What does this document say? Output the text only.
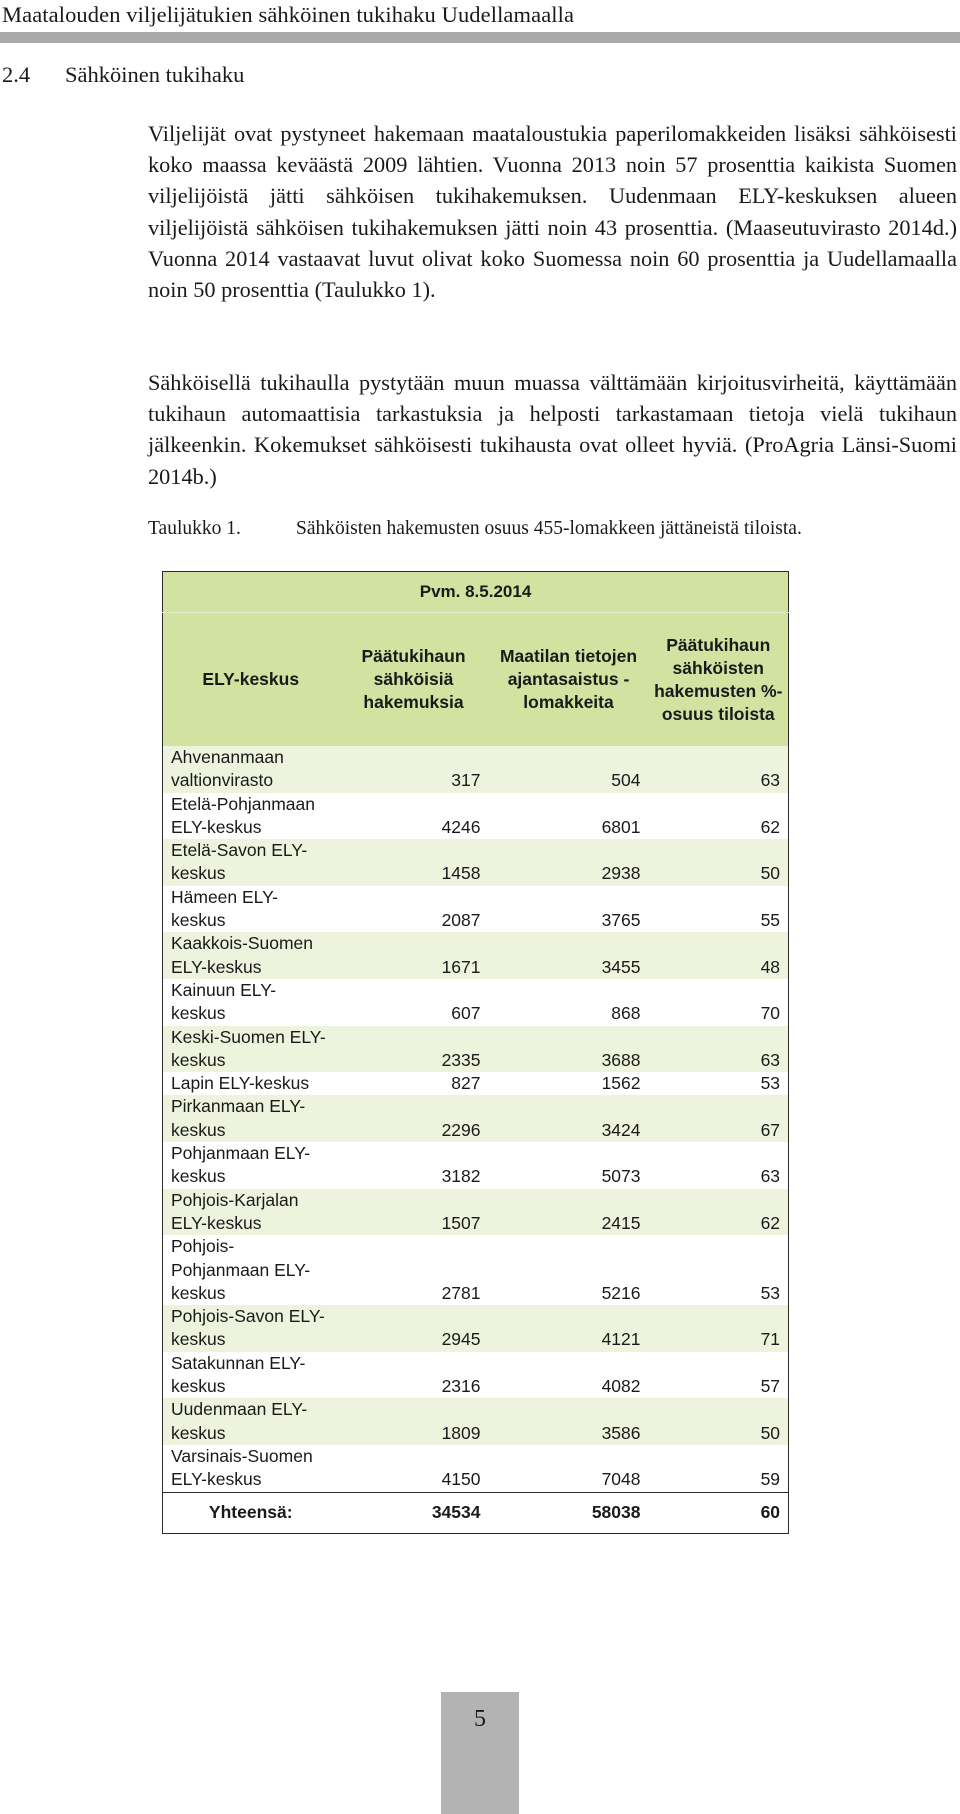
Maatalouden viljelijätukien sähköinen tukihaku Uudellamaalla
2.4 Sähköinen tukihaku

Viljelijät ovat pystyneet hakemaan maataloustukia paperilomakkeiden lisäksi sähköisesti koko maassa keväästä 2009 lähtien. Vuonna 2013 noin 57 prosenttia kaikista Suomen viljelijöistä jätti sähköisen tukihakemuksen. Uudenmaan ELY-keskuksen alueen viljelijöistä sähköisen tukihakemuksen jätti noin 43 prosenttia. (Maaseutuvirasto 2014d.) Vuonna 2014 vastaavat luvut olivat koko Suomessa noin 60 prosenttia ja Uudellamaalla noin 50 prosenttia (Taulukko 1).

Sähköisellä tukihaulla pystytään muun muassa välttämään kirjoitusvirheitä, käyttämään tukihaun automaattisia tarkastuksia ja helposti tarkastamaan tietoja vielä tukihaun jälkeenkin. Kokemukset sähköisesti tukihausta ovat olleet hyviä. (ProAgria Länsi-Suomi 2014b.)

Taulukko 1.	Sähköisten hakemusten osuus 455-lomakkeen jättäneistä tiloista.
Pvm. 8.5.2014			
ELY-keskus	Päätukihaun sähköisiä hakemuksia	Maatilan tietojen ajantasaistus - lomakkeita	Päätukihaun sähköisten hakemusten %-osuus tiloista
Ahvenanmaan valtionvirasto	317	504	63
Etelä-Pohjanmaan ELY-keskus	4246	6801	62
Etelä-Savon ELY-keskus	1458	2938	50
Hämeen ELY-keskus	2087	3765	55
Kaakkois-Suomen ELY-keskus	1671	3455	48
Kainuun ELY-keskus	607	868	70
Keski-Suomen ELY-keskus	2335	3688	63
Lapin ELY-keskus	827	1562	53
Pirkanmaan ELY-keskus	2296	3424	67
Pohjanmaan ELY-keskus	3182	5073	63
Pohjois-Karjalan ELY-keskus	1507	2415	62
Pohjois-Pohjanmaan ELY-keskus	2781	5216	53
Pohjois-Savon ELY-keskus	2945	4121	71
Satakunnan ELY-keskus	2316	4082	57
Uudenmaan ELY-keskus	1809	3586	50
Varsinais-Suomen ELY-keskus	4150	7048	59
Yhteensä:	34534	58038	60
5
